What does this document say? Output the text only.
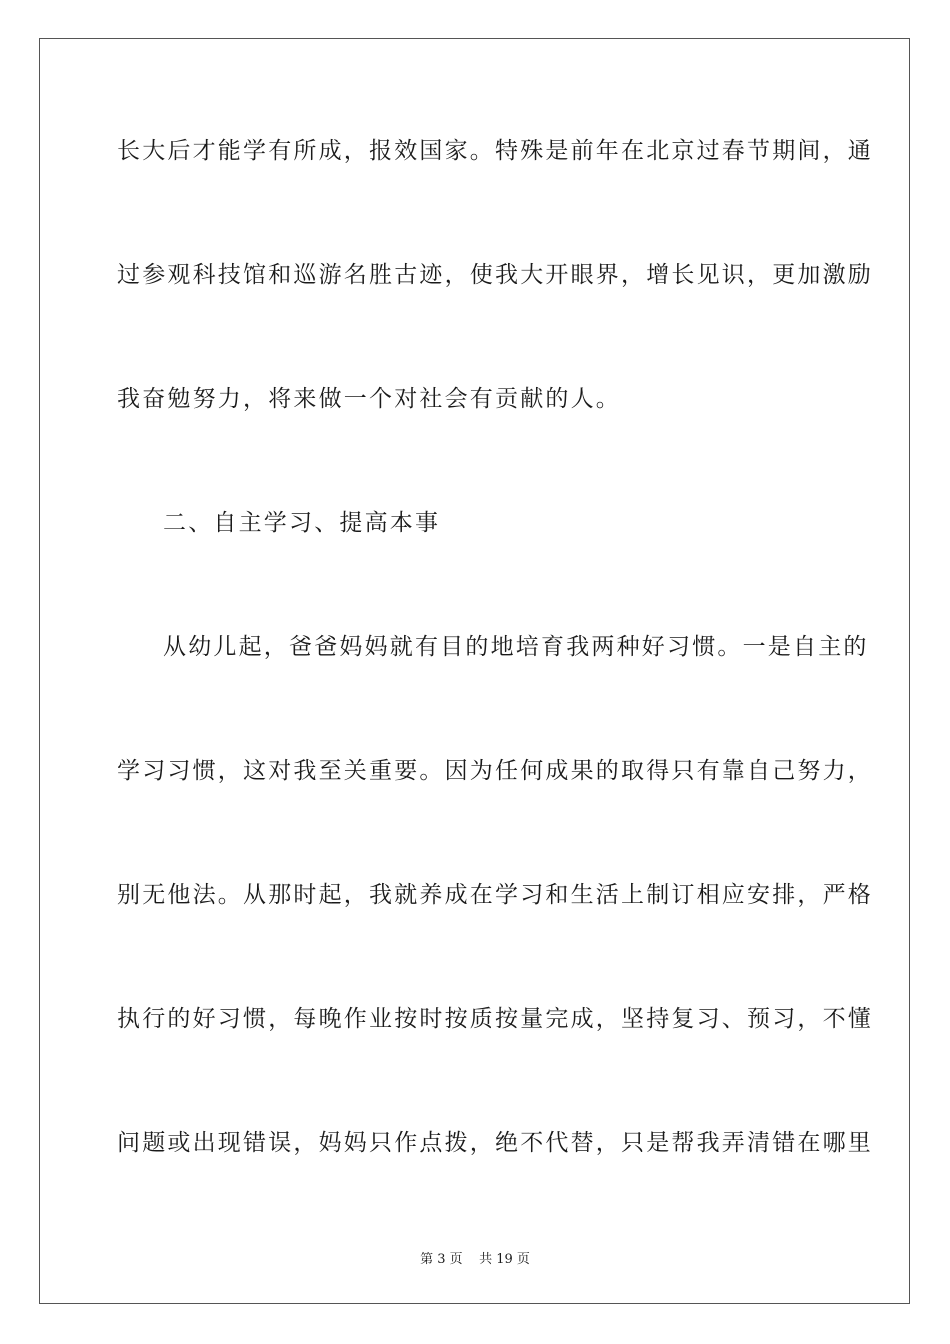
长大后才能学有所成，报效国家。特殊是前年在北京过春节期间，通
过参观科技馆和巡游名胜古迹，使我大开眼界，增长见识，更加激励
我奋勉努力，将来做一个对社会有贡献的人。
二、自主学习、提高本事
从幼儿起，爸爸妈妈就有目的地培育我两种好习惯。一是自主的
学习习惯，这对我至关重要。因为任何成果的取得只有靠自己努力，
别无他法。从那时起，我就养成在学习和生活上制订相应安排，严格
执行的好习惯，每晚作业按时按质按量完成，坚持复习、预习，不懂
问题或出现错误，妈妈只作点拨，绝不代替，只是帮我弄清错在哪里
第 3 页    共 19 页
